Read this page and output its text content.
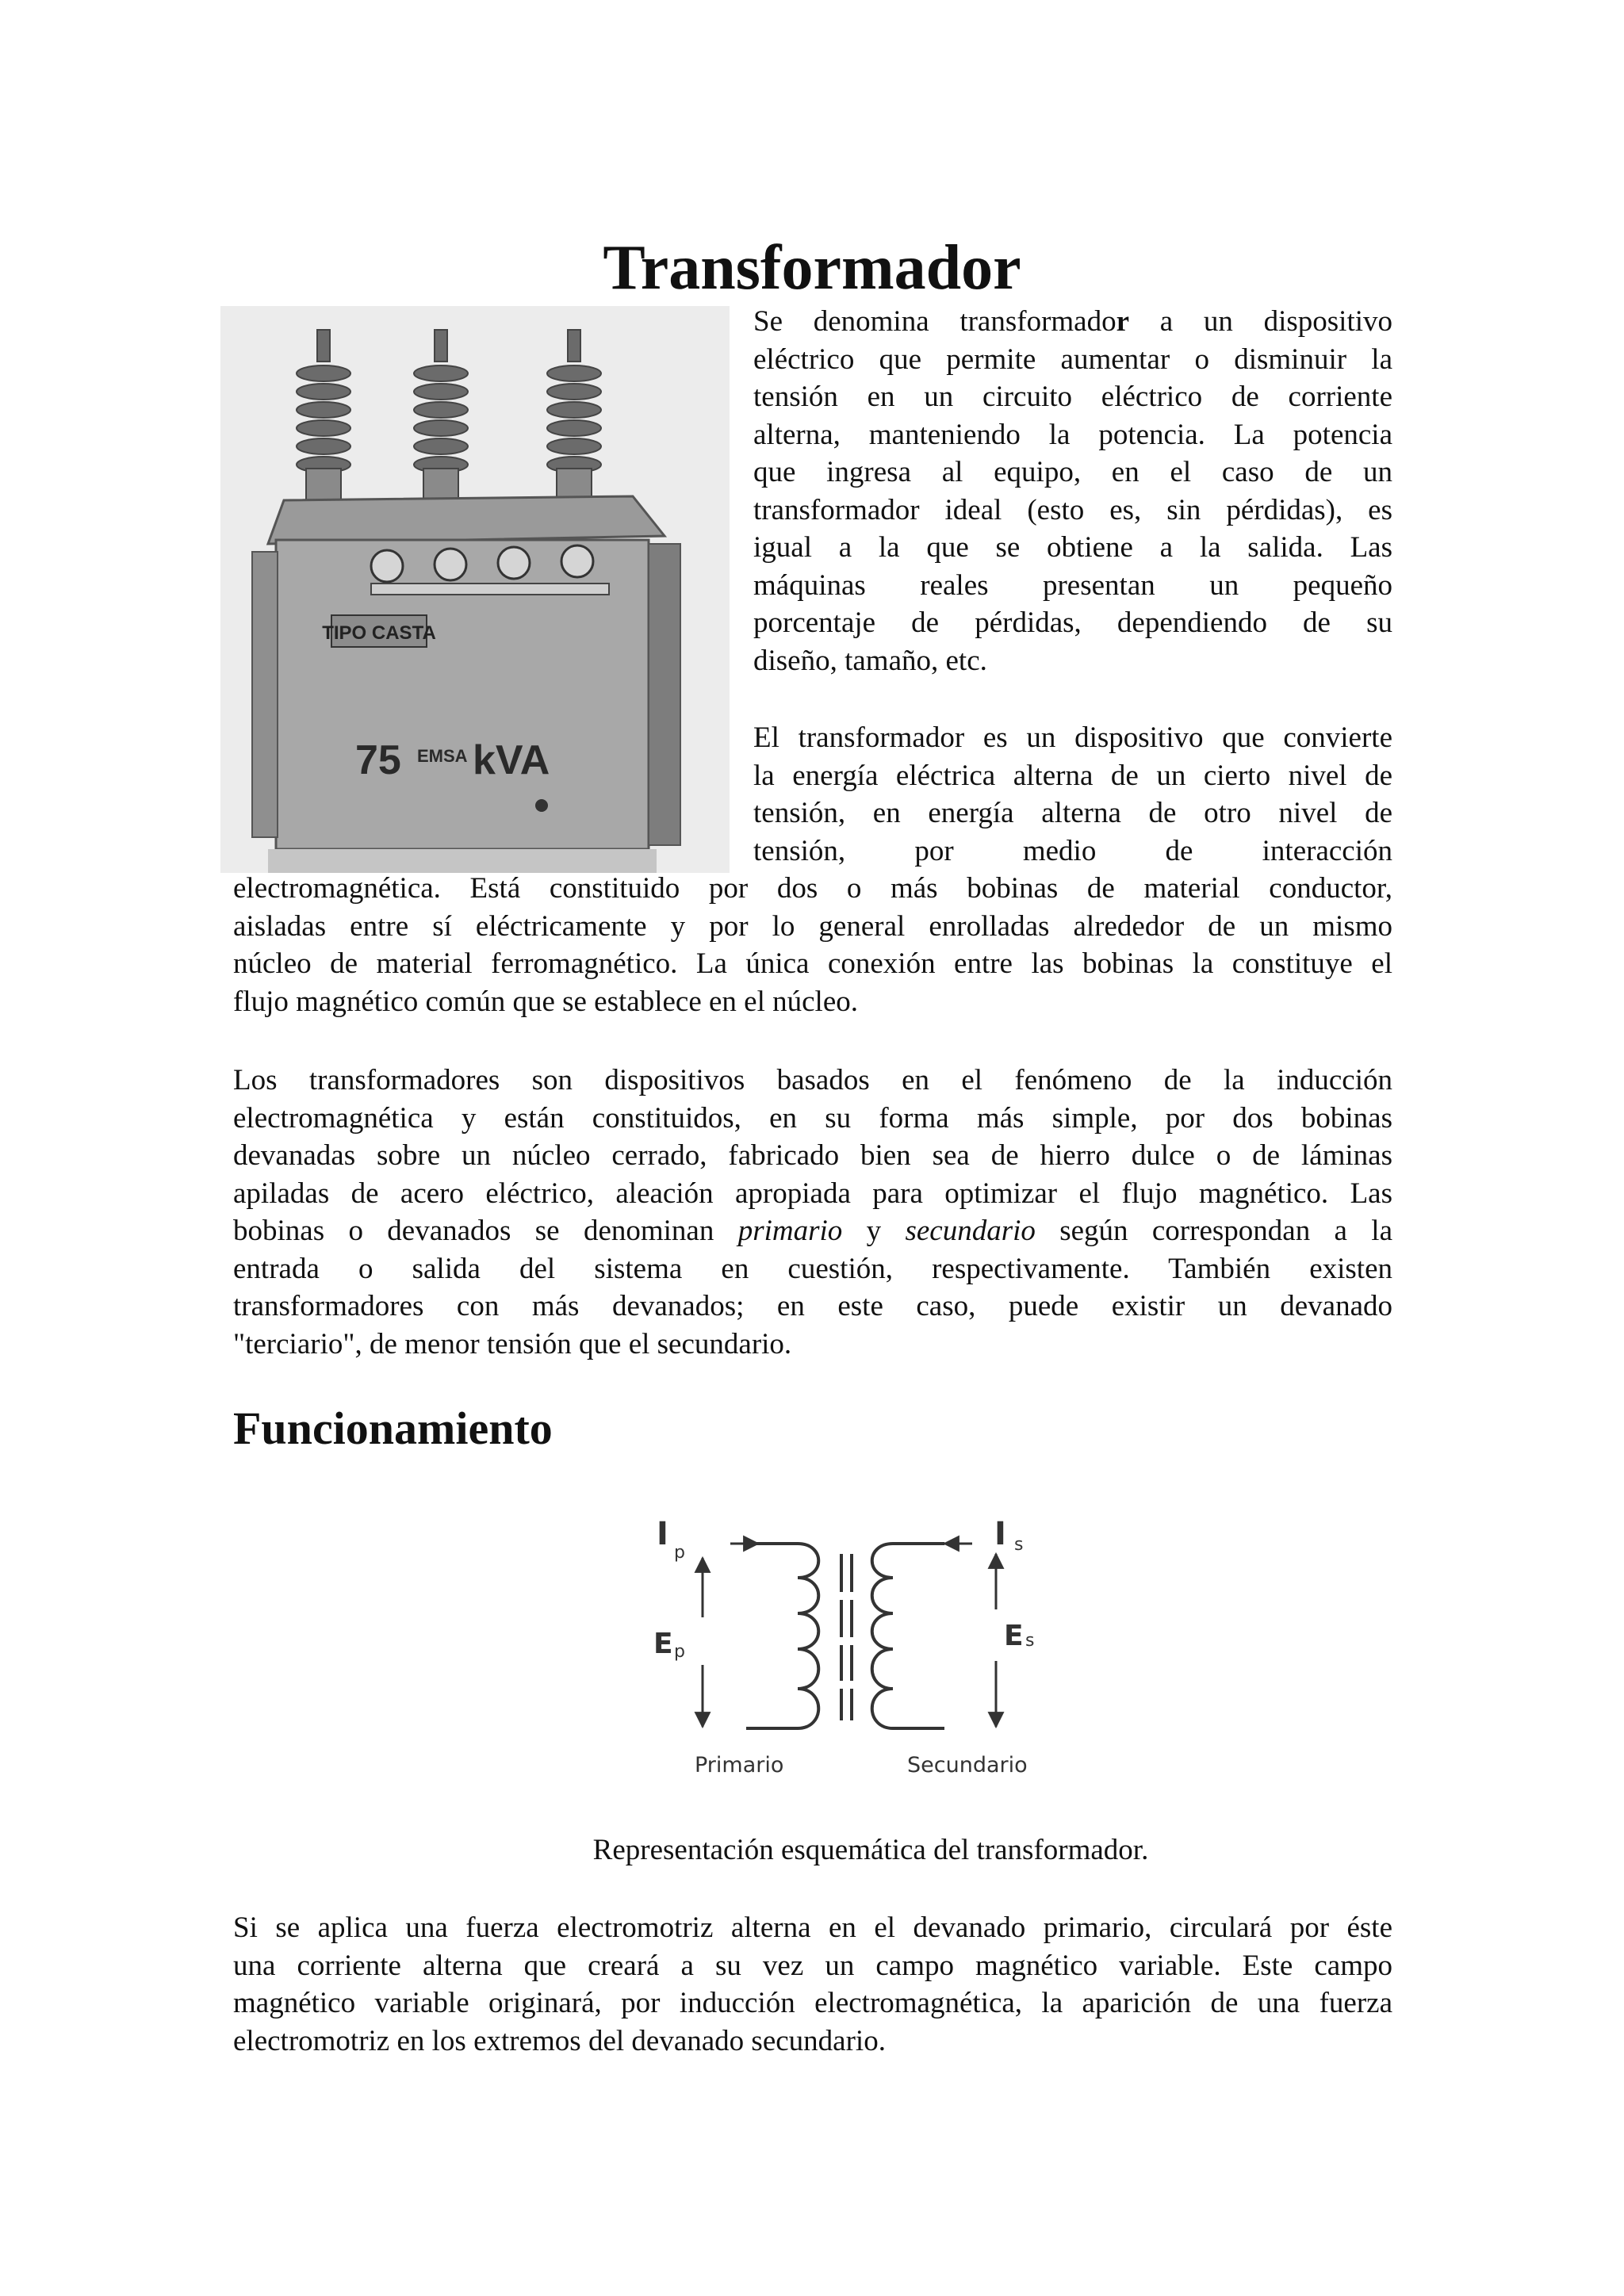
Transformador
TIPO CASTA
75 EMSA kVA
Se denomina transformador a un dispositivo
eléctrico que permite aumentar o disminuir la
tensión en un circuito eléctrico de corriente
alterna, manteniendo la potencia. La potencia
que ingresa al equipo, en el caso de un
transformador ideal (esto es, sin pérdidas), es
igual a la que se obtiene a la salida. Las
máquinas reales presentan un pequeño
porcentaje de pérdidas, dependiendo de su
diseño, tamaño, etc.
El transformador es un dispositivo que convierte
la energía eléctrica alterna de un cierto nivel de
tensión, en energía alterna de otro nivel de
tensión, por medio de interacción
electromagnética. Está constituido por dos o más bobinas de material conductor,
aisladas entre sí eléctricamente y por lo general enrolladas alrededor de un mismo
núcleo de material ferromagnético. La única conexión entre las bobinas la constituye el
flujo magnético común que se establece en el núcleo.
Los transformadores son dispositivos basados en el fenómeno de la inducción
electromagnética y están constituidos, en su forma más simple, por dos bobinas
devanadas sobre un núcleo cerrado, fabricado bien sea de hierro dulce o de láminas
apiladas de acero eléctrico, aleación apropiada para optimizar el flujo magnético. Las
bobinas o devanados se denominan primario y secundario según correspondan a la
entrada o salida del sistema en cuestión, respectivamente. También existen
transformadores con más devanados; en este caso, puede existir un devanado
"terciario", de menor tensión que el secundario.
Funcionamiento
I
p
I s
E p	E s
Primario	Secundario
Representación esquemática del transformador.
Si se aplica una fuerza electromotriz alterna en el devanado primario, circulará por éste
una corriente alterna que creará a su vez un campo magnético variable. Este campo
magnético variable originará, por inducción electromagnética, la aparición de una fuerza
electromotriz en los extremos del devanado secundario.
